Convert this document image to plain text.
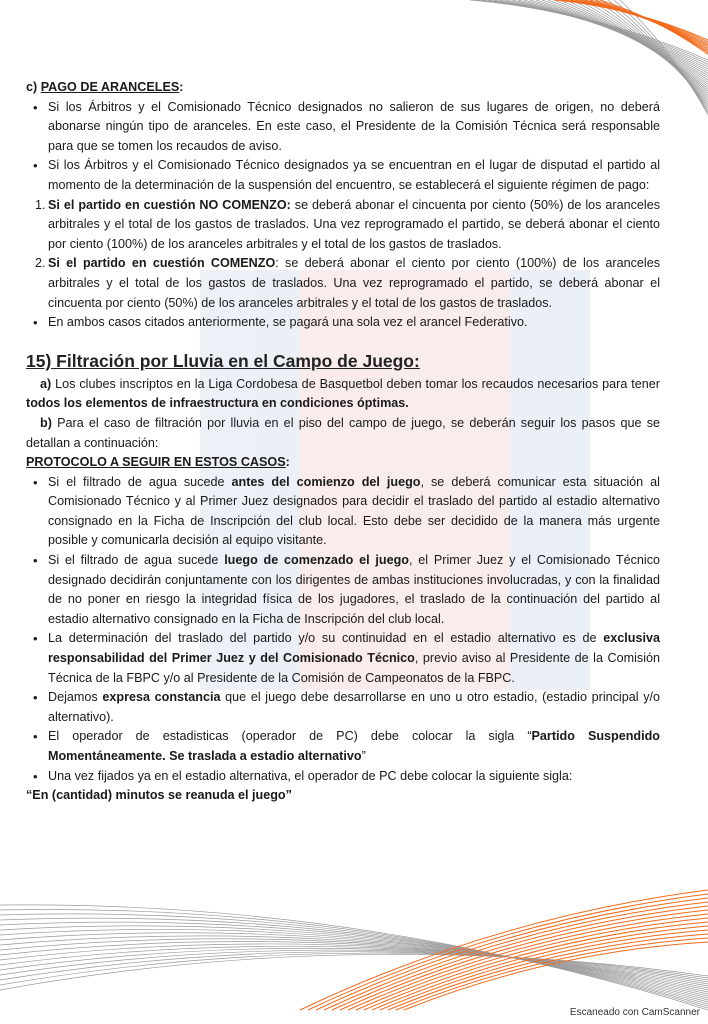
c) PAGO DE ARANCELES:

• Si los Árbitros y el Comisionado Técnico designados no salieron de sus lugares de origen, no deberá abonarse ningún tipo de aranceles. En este caso, el Presidente de la Comisión Técnica será responsable para que se tomen los recaudos de aviso.
• Si los Árbitros y el Comisionado Técnico designados ya se encuentran en el lugar de disputad el partido al momento de la determinación de la suspensión del encuentro, se establecerá el siguiente régimen de pago:
1. Si el partido en cuestión NO COMENZO: se deberá abonar el cincuenta por ciento (50%) de los aranceles arbitrales y el total de los gastos de traslados. Una vez reprogramado el partido, se deberá abonar el ciento por ciento (100%) de los aranceles arbitrales y el total de los gastos de traslados.
2. Si el partido en cuestión COMENZO: se deberá abonar el ciento por ciento (100%) de los aranceles arbitrales y el total de los gastos de traslados. Una vez reprogramado el partido, se deberá abonar el cincuenta por ciento (50%) de los aranceles arbitrales y el total de los gastos de traslados.
• En ambos casos citados anteriormente, se pagará una sola vez el arancel Federativo.

15) Filtración por Lluvia en el Campo de Juego:

a) Los clubes inscriptos en la Liga Cordobesa de Basquetbol deben tomar los recaudos necesarios para tener todos los elementos de infraestructura en condiciones óptimas.

b) Para el caso de filtración por lluvia en el piso del campo de juego, se deberán seguir los pasos que se detallan a continuación:

PROTOCOLO A SEGUIR EN ESTOS CASOS:

• Si el filtrado de agua sucede antes del comienzo del juego, se deberá comunicar esta situación al Comisionado Técnico y al Primer Juez designados para decidir el traslado del partido al estadio alternativo consignado en la Ficha de Inscripción del club local. Esto debe ser decidido de la manera más urgente posible y comunicarla decisión al equipo visitante.
• Si el filtrado de agua sucede luego de comenzado el juego, el Primer Juez y el Comisionado Técnico designado decidirán conjuntamente con los dirigentes de ambas instituciones involucradas, y con la finalidad de no poner en riesgo la integridad física de los jugadores, el traslado de la continuación del partido al estadio alternativo consignado en la Ficha de Inscripción del club local.
• La determinación del traslado del partido y/o su continuidad en el estadio alternativo es de exclusiva responsabilidad del Primer Juez y del Comisionado Técnico, previo aviso al Presidente de la Comisión Técnica de la FBPC y/o al Presidente de la Comisión de Campeonatos de la FBPC.
• Dejamos expresa constancia que el juego debe desarrollarse en uno u otro estadio, (estadio principal y/o alternativo).
• El operador de estadisticas (operador de PC) debe colocar la sigla “Partido Suspendido Momentáneamente. Se traslada a estadio alternativo”
• Una vez fijados ya en el estadio alternativa, el operador de PC debe colocar la siguiente sigla:

“En (cantidad) minutos se reanuda el juego”

Escaneado con CamScanner
